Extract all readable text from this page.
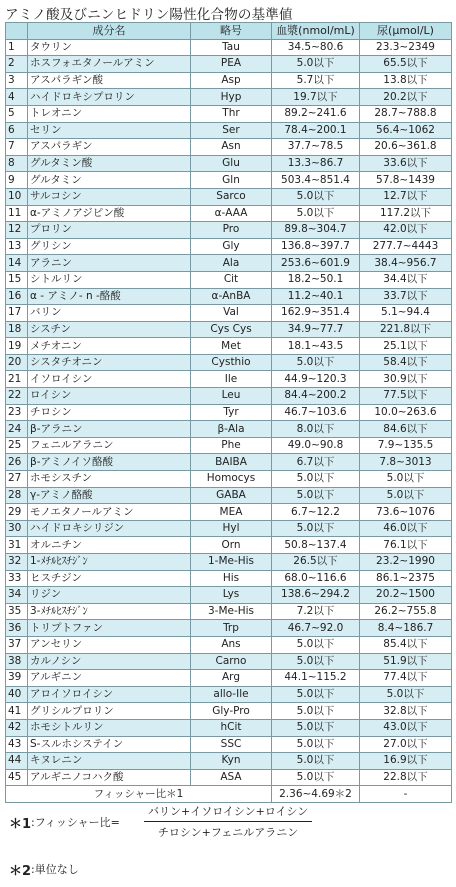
アミノ酸及びニンヒドリン陽性化合物の基準値
	成分名	略号	血漿(nmol/mL)	尿(μmol/L)
1	タウリン	Tau	34.5~80.6	23.3~2349
2	ホスフォエタノールアミン	PEA	5.0以下	65.5以下
3	アスパラギン酸	Asp	5.7以下	13.8以下
4	ハイドロキシプロリン	Hyp	19.7以下	20.2以下
5	トレオニン	Thr	89.2~241.6	28.7~788.8
6	セリン	Ser	78.4~200.1	56.4~1062
7	アスパラギン	Asn	37.7~78.5	20.6~361.8
8	グルタミン酸	Glu	13.3~86.7	33.6以下
9	グルタミン	Gln	503.4~851.4	57.8~1439
10	サルコシン	Sarco	5.0以下	12.7以下
11	α-アミノアジピン酸	α-AAA	5.0以下	117.2以下
12	プロリン	Pro	89.8~304.7	42.0以下
13	グリシン	Gly	136.8~397.7	277.7~4443
14	アラニン	Ala	253.6~601.9	38.4~956.7
15	シトルリン	Cit	18.2~50.1	34.4以下
16	α - アミノ- n -酪酸	α-AnBA	11.2~40.1	33.7以下
17	バリン	Val	162.9~351.4	5.1~94.4
18	シスチン	Cys Cys	34.9~77.7	221.8以下
19	メチオニン	Met	18.1~43.5	25.1以下
20	シスタチオニン	Cysthio	5.0以下	58.4以下
21	イソロイシン	Ile	44.9~120.3	30.9以下
22	ロイシン	Leu	84.4~200.2	77.5以下
23	チロシン	Tyr	46.7~103.6	10.0~263.6
24	β-アラニン	β-Ala	8.0以下	84.6以下
25	フェニルアラニン	Phe	49.0~90.8	7.9~135.5
26	β-アミノイソ酪酸	BAIBA	6.7以下	7.8~3013
27	ホモシスチン	Homocys	5.0以下	5.0以下
28	γ-アミノ酪酸	GABA	5.0以下	5.0以下
29	モノエタノールアミン	MEA	6.7~12.2	73.6~1076
30	ハイドロキシリジン	Hyl	5.0以下	46.0以下
31	オルニチン	Orn	50.8~137.4	76.1以下
32	1-ﾒﾁﾙﾋｽﾁｼﾞﾝ	1-Me-His	26.5以下	23.2~1990
33	ヒスチジン	His	68.0~116.6	86.1~2375
34	リジン	Lys	138.6~294.2	20.2~1500
35	3-ﾒﾁﾙﾋｽﾁｼﾞﾝ	3-Me-His	7.2以下	26.2~755.8
36	トリプトファン	Trp	46.7~92.0	8.4~186.7
37	アンセリン	Ans	5.0以下	85.4以下
38	カルノシン	Carno	5.0以下	51.9以下
39	アルギニン	Arg	44.1~115.2	77.4以下
40	アロイソロイシン	allo-Ile	5.0以下	5.0以下
41	グリシルプロリン	Gly-Pro	5.0以下	32.8以下
42	ホモシトルリン	hCit	5.0以下	43.0以下
43	S-スルホシステイン	SSC	5.0以下	27.0以下
44	キヌレニン	Kyn	5.0以下	16.9以下
45	アルギニノコハク酸	ASA	5.0以下	22.8以下
フィッシャー比＊1			2.36~4.69＊2	-
＊1 :フィッシャー比=
バリン+イソロイシン+ロイシン
チロシン+フェニルアラニン
＊2 :単位なし
